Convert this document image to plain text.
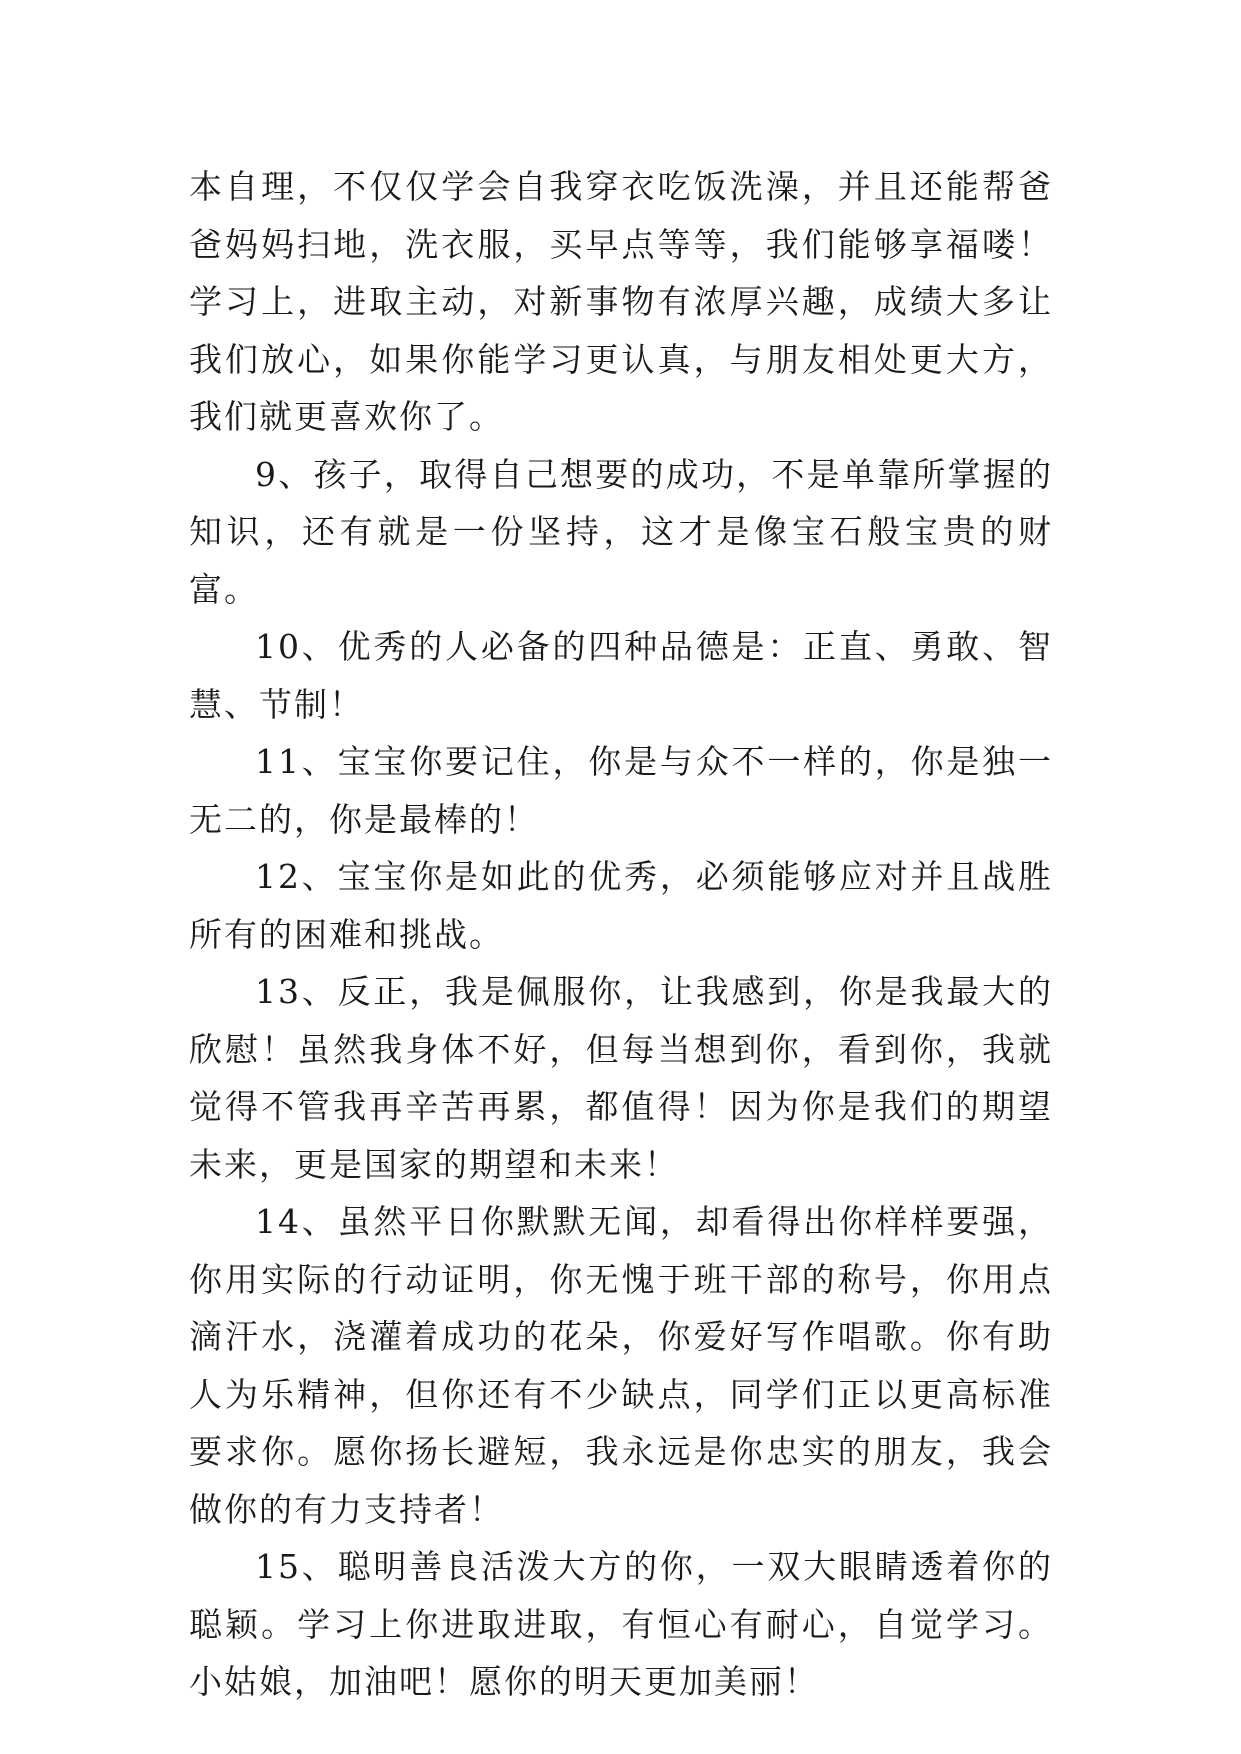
本自理，不仅仅学会自我穿衣吃饭洗澡，并且还能帮爸爸妈妈扫地，洗衣服，买早点等等，我们能够享福喽！学习上，进取主动，对新事物有浓厚兴趣，成绩大多让我们放心，如果你能学习更认真，与朋友相处更大方，我们就更喜欢你了。

9、孩子，取得自己想要的成功，不是单靠所掌握的知识，还有就是一份坚持，这才是像宝石般宝贵的财富。

10、优秀的人必备的四种品德是：正直、勇敢、智慧、节制！

11、宝宝你要记住，你是与众不一样的，你是独一无二的，你是最棒的！

12、宝宝你是如此的优秀，必须能够应对并且战胜所有的困难和挑战。

13、反正，我是佩服你，让我感到，你是我最大的欣慰！虽然我身体不好，但每当想到你，看到你，我就觉得不管我再辛苦再累，都值得！因为你是我们的期望未来，更是国家的期望和未来！

14、虽然平日你默默无闻，却看得出你样样要强，你用实际的行动证明，你无愧于班干部的称号，你用点滴汗水，浇灌着成功的花朵，你爱好写作唱歌。你有助人为乐精神，但你还有不少缺点，同学们正以更高标准要求你。愿你扬长避短，我永远是你忠实的朋友，我会做你的有力支持者！

15、聪明善良活泼大方的你，一双大眼睛透着你的聪颖。学习上你进取进取，有恒心有耐心，自觉学习。小姑娘，加油吧！愿你的明天更加美丽！
